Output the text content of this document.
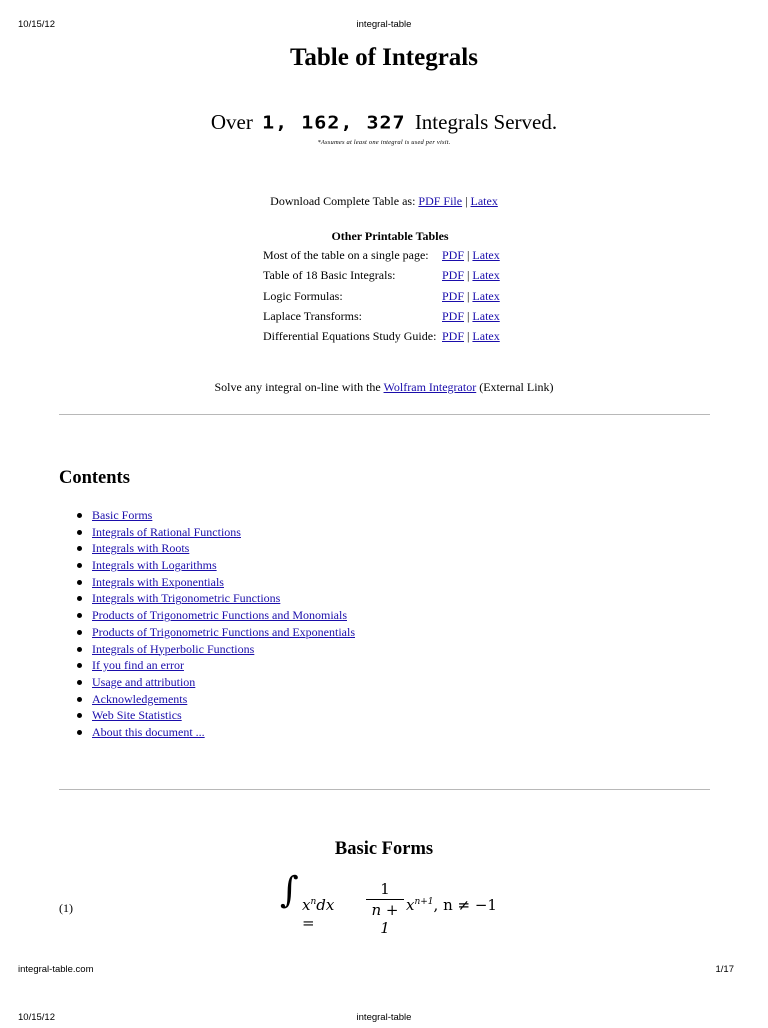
10/15/12	integral-table
Table of Integrals
Over 1, 162, 327 Integrals Served.
*Assumes at least one integral is used per visit.
Download Complete Table as: PDF File | Latex
Other Printable Tables
Most of the table on a single page: PDF | Latex
Table of 18 Basic Integrals:	PDF | Latex
Logic Formulas:	PDF | Latex
Laplace Transforms:	PDF | Latex
Differential Equations Study Guide: PDF | Latex
Solve any integral on-line with the Wolfram Integrator (External Link)
Contents
Basic Forms
Integrals of Rational Functions
Integrals with Roots
Integrals with Logarithms
Integrals with Exponentials
Integrals with Trigonometric Functions
Products of Trigonometric Functions and Monomials
Products of Trigonometric Functions and Exponentials
Integrals of Hyperbolic Functions
If you find an error
Usage and attribution
Acknowledgements
Web Site Statistics
About this document ...
Basic Forms
(1)	∫ $x^ndx$ =
1
n + 1
$x^{n+1}$, n ≠ −1
integral-table.com	1/17
10/15/12	integral-table
